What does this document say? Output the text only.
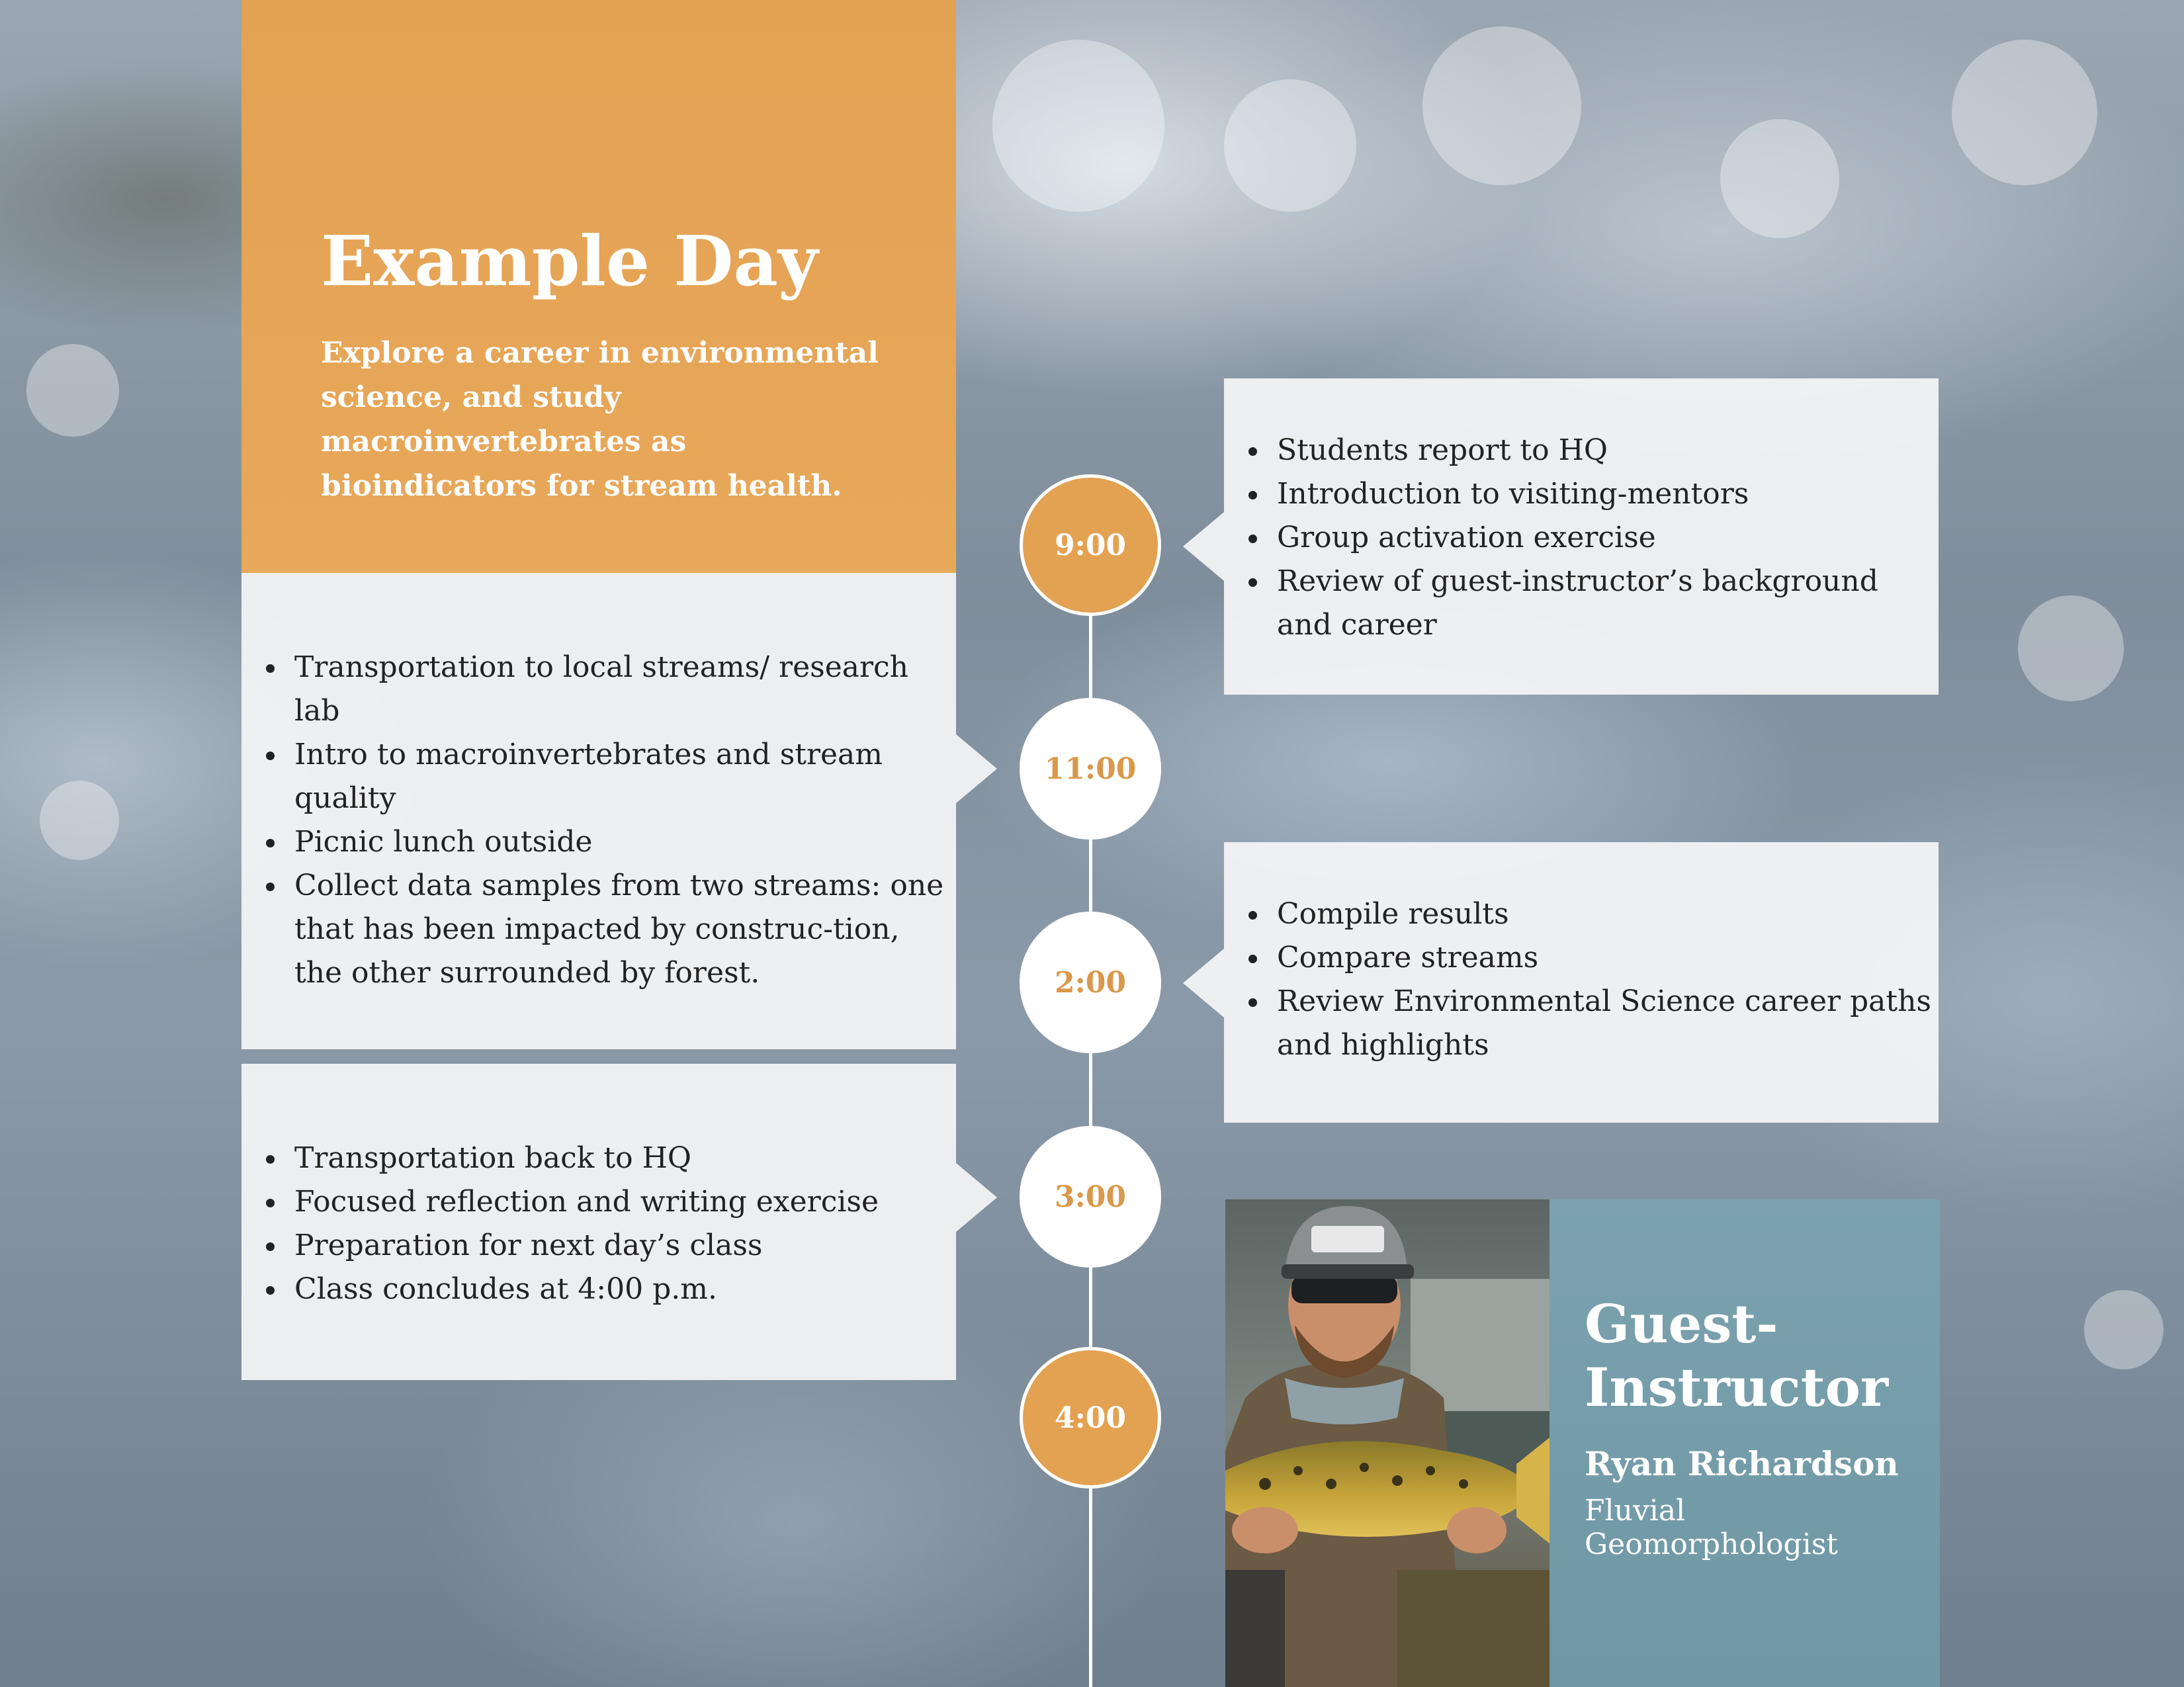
Example Day
Explore a career in environmental science, and study macroinvertebrates as bioindicators for stream health.
• Transportation to local streams/ research lab
• Intro to macroinvertebrates and stream quality
• Picnic lunch outside
• Collect data samples from two streams: one that has been impacted by construc-tion, the other surrounded by forest.
• Transportation back to HQ
• Focused reflection and writing exercise
• Preparation for next day’s class
• Class concludes at 4:00 p.m.
• Students report to HQ
• Introduction to visiting-mentors
• Group activation exercise
• Review of guest-instructor’s background and career
• Compile results
• Compare streams
• Review Environmental Science career paths and highlights
9:00
11:00
2:00
3:00
4:00
Guest-
Instructor
Ryan Richardson
Fluvial Geomorphologist
